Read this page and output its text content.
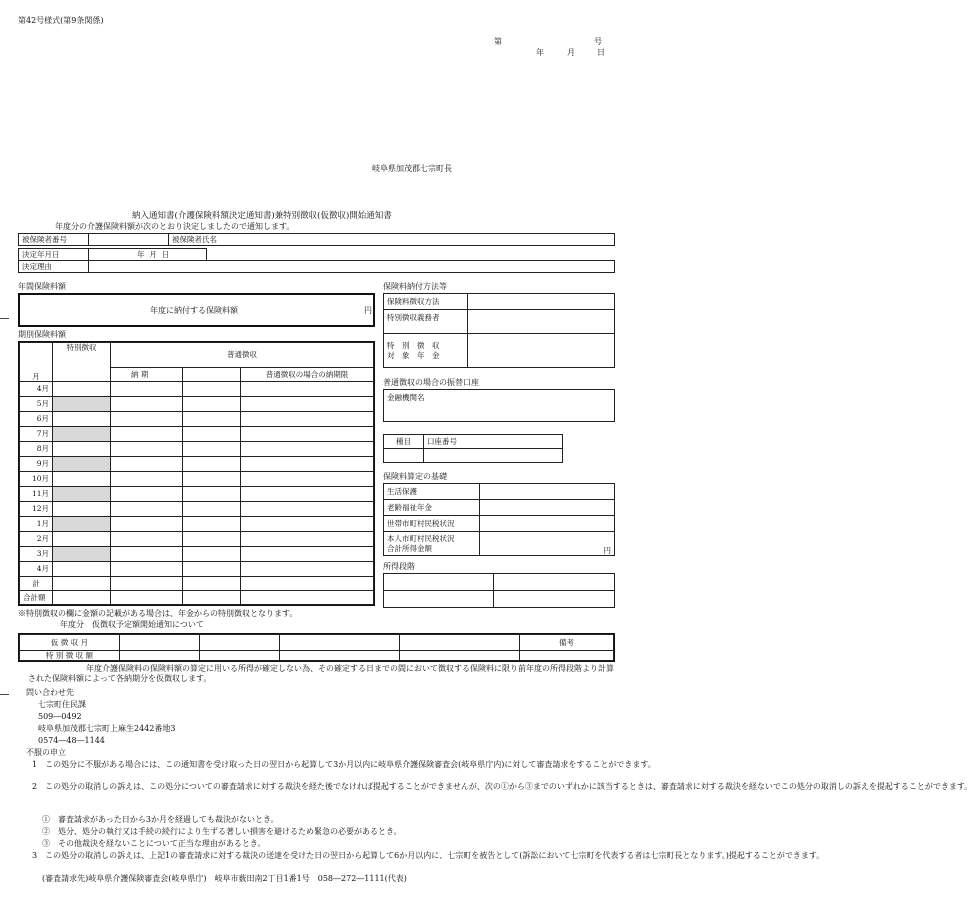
第42号様式(第9条関係)
第	号
年	月	日
岐阜県加茂郡七宗町長
納入通知書(介護保険料額決定通知書)兼特別徴収(仮徴収)開始通知書
年度分の介護保険料額が次のとおり決定しましたので通知します。
被保険者番号		被保険者氏名	
決定年月日	年 月 日	
決定理由		
年間保険料額
年度に納付する保険料額	円
期別保険料額
月	特別徴収	普通徴収		
		納 期		普通徴収の場合の納期限
4月				
5月				
6月				
7月				
8月				
9月				
10月				
11月				
12月				
1月				
2月				
3月				
4月				
計				
合計額				
保険料納付方法等
保険料徴収方法	
特別徴収義務者	

特　別　徴　収
対　象　年　金	

普通徴収の場合の振替口座
金融機関名

種目	口座番号

保険料算定の基礎
生活保護	
老齢福祉年金	
世帯市町村民税状況	

本人市町村民税状況
合計所得金額	円
所得段階

※特別徴収の欄に金額の記載がある場合は、年金からの特別徴収となります。
年度分　仮徴収予定額開始通知について
仮 徴 収 月					備考
特 別 徴 収 額					
年度介護保険料の保険料額の算定に用いる所得が確定しない為、その確定する日までの間において徴収する保険料に限り前年度の所得段階より計算された保険料額によって各納期分を仮徴収します。
問い合わせ先
七宗町住民課
509―0492
岐阜県加茂郡七宗町上麻生2442番地3
0574―48―1144
不服の申立
1　この処分に不服がある場合には、この通知書を受け取った日の翌日から起算して3か月以内に岐阜県介護保険審査会(岐阜県庁内)に対して審査請求をすることができます。
2　この処分の取消しの訴えは、この処分についての審査請求に対する裁決を経た後でなければ提起することができませんが、次の①から③までのいずれかに該当するときは、審査請求に対する裁決を経ないでこの処分の取消しの訴えを提起することができます。
①　審査請求があった日から3か月を経過しても裁決がないとき。
②　処分、処分の執行又は手続の続行により生ずる著しい損害を避けるため緊急の必要があるとき。
③　その他裁決を経ないことについて正当な理由があるとき。
3　この処分の取消しの訴えは、上記1の審査請求に対する裁決の送達を受けた日の翌日から起算して6か月以内に、七宗町を被告として(訴訟において七宗町を代表する者は七宗町長となります。)提起することができます。
(審査請求先)岐阜県介護保険審査会(岐阜県庁)　岐阜市薮田南2丁目1番1号　058―272―1111(代表)
